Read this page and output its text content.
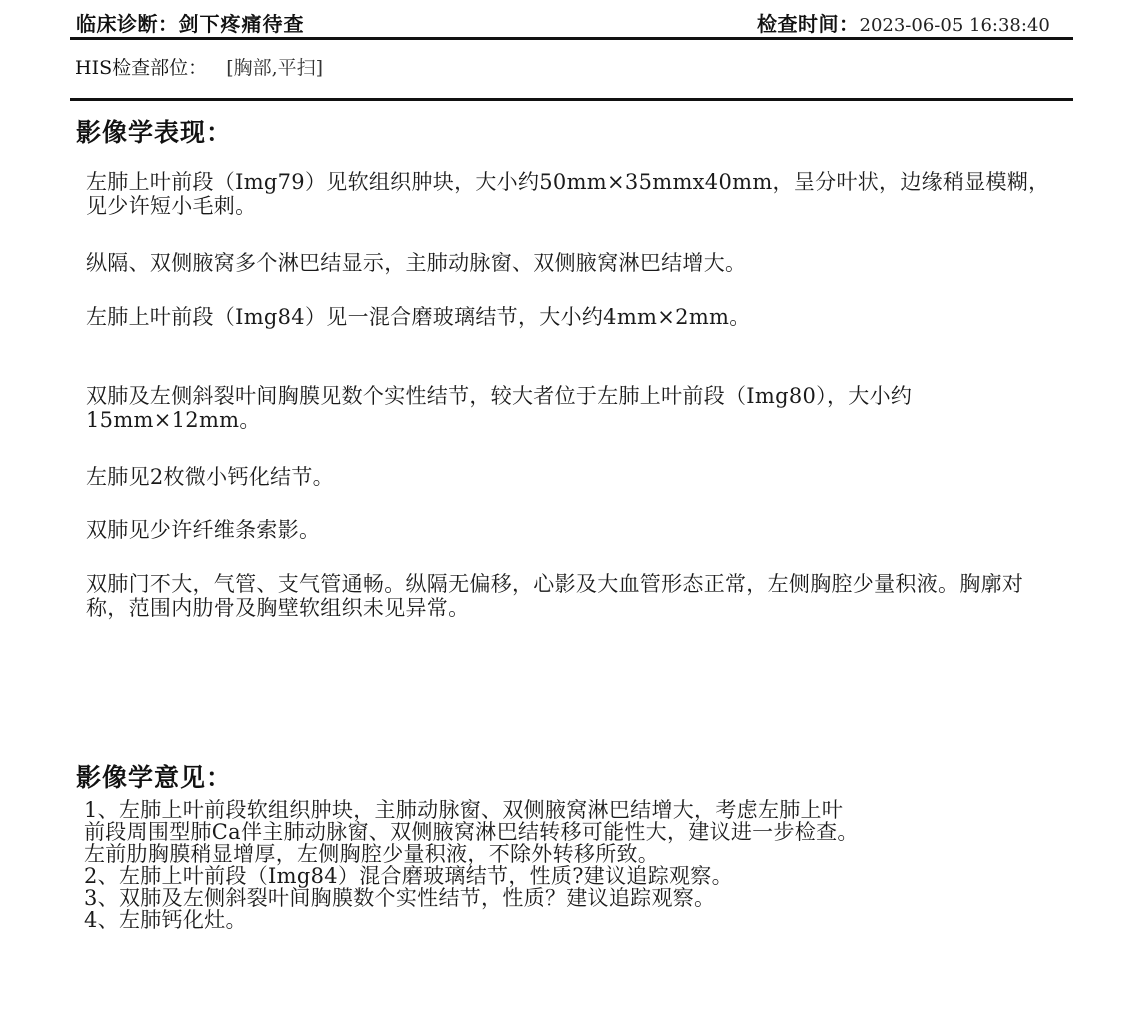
临床诊断：剑下疼痛待查	检查时间：2023-06-05 16:38:40
HIS检查部位： [胸部,平扫]
影像学表现：
左肺上叶前段（Img79）见软组织肿块，大小约50mm×35mmx40mm，呈分叶状，边缘稍显模糊，见少许短小毛刺。
纵隔、双侧腋窝多个淋巴结显示，主肺动脉窗、双侧腋窝淋巴结增大。
左肺上叶前段（Img84）见一混合磨玻璃结节，大小约4mm×2mm。
双肺及左侧斜裂叶间胸膜见数个实性结节，较大者位于左肺上叶前段（Img80），大小约15mm×12mm。
左肺见2枚微小钙化结节。
双肺见少许纤维条索影。
双肺门不大，气管、支气管通畅。纵隔无偏移，心影及大血管形态正常，左侧胸腔少量积液。胸廓对称，范围内肋骨及胸壁软组织未见异常。
影像学意见：
1、左肺上叶前段软组织肿块，主肺动脉窗、双侧腋窝淋巴结增大，考虑左肺上叶
前段周围型肺Ca伴主肺动脉窗、双侧腋窝淋巴结转移可能性大，建议进一步检查。
左前肋胸膜稍显增厚，左侧胸腔少量积液，不除外转移所致。
2、左肺上叶前段（Img84）混合磨玻璃结节，性质?建议追踪观察。
3、双肺及左侧斜裂叶间胸膜数个实性结节，性质？建议追踪观察。
4、左肺钙化灶。
